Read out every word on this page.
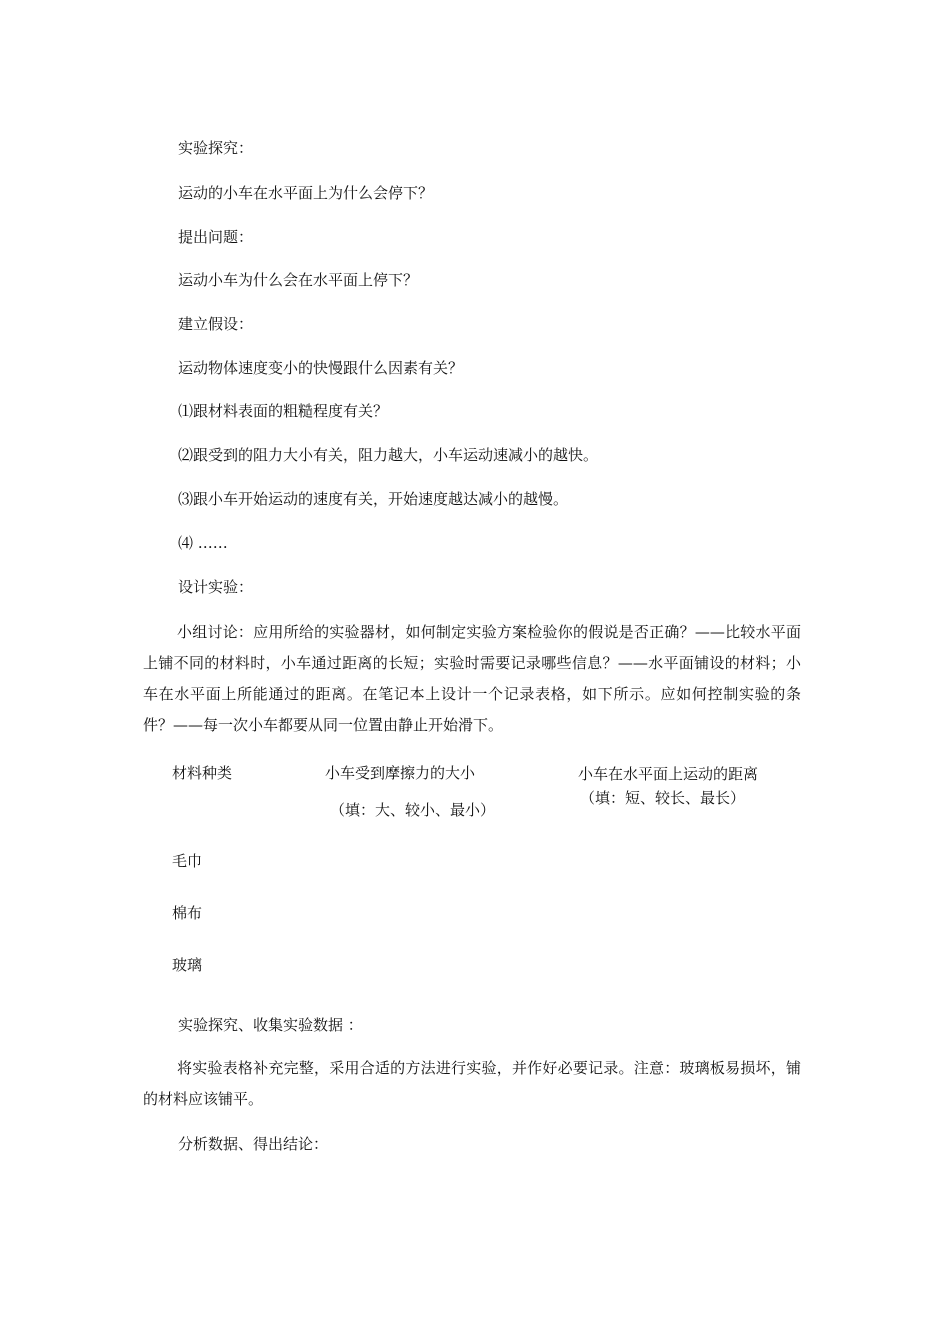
实验探究：

运动的小车在水平面上为什么会停下？

提出问题：

运动小车为什么会在水平面上停下？

建立假设：

运动物体速度变小的快慢跟什么因素有关？

⑴跟材料表面的粗糙程度有关？

⑵跟受到的阻力大小有关，阻力越大，小车运动速减小的越快。

⑶跟小车开始运动的速度有关，开始速度越达减小的越慢。

⑷ ……

设计实验：

小组讨论：应用所给的实验器材，如何制定实验方案检验你的假说是否正确？——比较水平面上铺不同的材料时，小车通过距离的长短；实验时需要记录哪些信息？——水平面铺设的材料；小车在水平面上所能通过的距离。在笔记本上设计一个记录表格，如下所示。应如何控制实验的条件？——每一次小车都要从同一位置由静止开始滑下。

材料种类	小车受到摩擦力的大小

（填：大、较小、最小）

小车在水平面上运动的距离

（填：短、较长、最长）

毛巾

棉布

玻璃

实验探究、收集实验数据 ：

将实验表格补充完整，采用合适的方法进行实验，并作好必要记录。注意：玻璃板易损坏，铺的材料应该铺平。

分析数据、得出结论：
